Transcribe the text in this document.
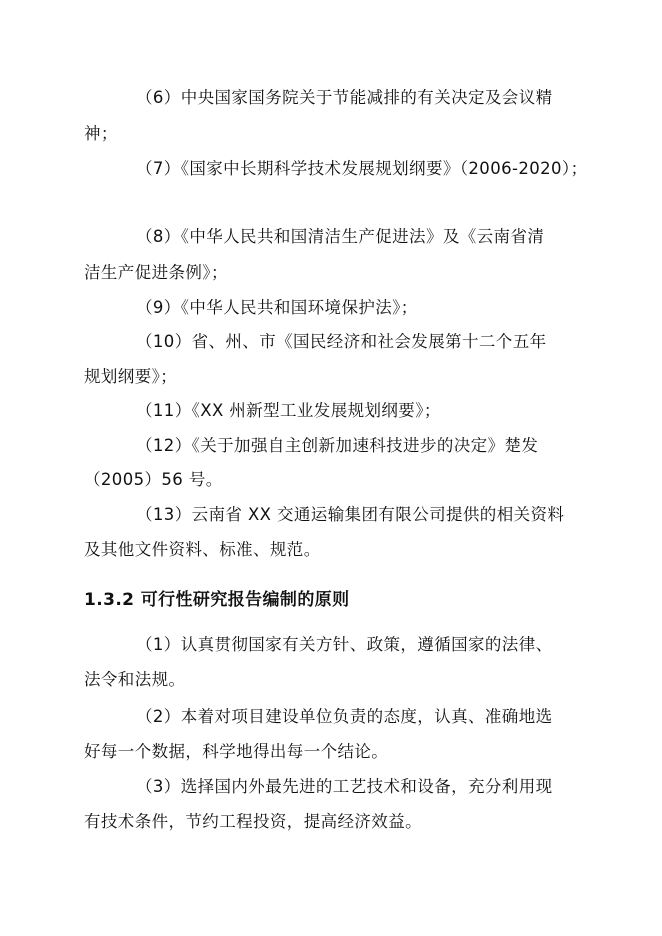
（6）中央国家国务院关于节能减排的有关决定及会议精
神；
（7）《国家中长期科学技术发展规划纲要》（2006-2020）；
（8）《中华人民共和国清洁生产促进法》及《云南省清
洁生产促进条例》；
（9）《中华人民共和国环境保护法》；
（10）省、州、市《国民经济和社会发展第十二个五年
规划纲要》；
（11）《XX 州新型工业发展规划纲要》；
（12）《关于加强自主创新加速科技进步的决定》楚发
（2005）56 号。
（13）云南省 XX 交通运输集团有限公司提供的相关资料
及其他文件资料、标准、规范。
1.3.2 可行性研究报告编制的原则
（1）认真贯彻国家有关方针、政策，遵循国家的法律、
法令和法规。
（2）本着对项目建设单位负责的态度，认真、准确地选
好每一个数据，科学地得出每一个结论。
（3）选择国内外最先进的工艺技术和设备，充分利用现
有技术条件，节约工程投资，提高经济效益。
